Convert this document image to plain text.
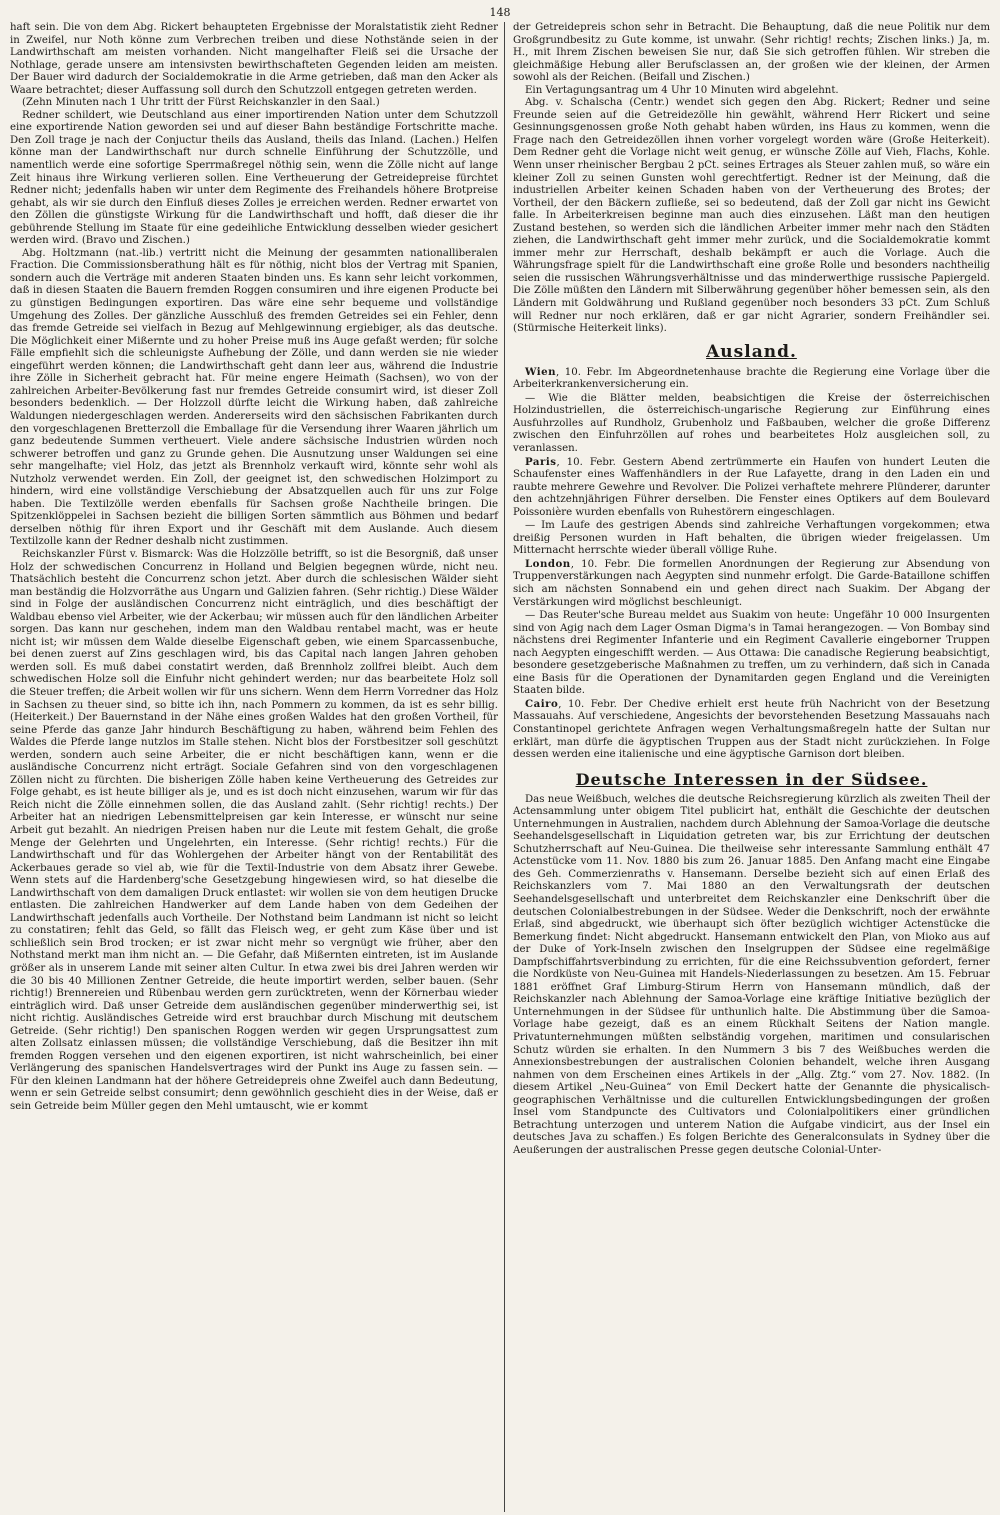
148

haft sein. Die von dem Abg. Rickert behaupteten Ergebnisse der Moralstatistik zieht Redner in Zweifel, nur Noth könne zum Verbrechen treiben und diese Nothstände seien in der Landwirthschaft am meisten vorhanden. Nicht mangelhafter Fleiß sei die Ursache der Nothlage, gerade unsere am intensivsten bewirthschafteten Gegenden leiden am meisten. Der Bauer wird dadurch der Socialdemokratie in die Arme getrieben, daß man den Acker als Waare betrachtet; dieser Auffassung soll durch den Schutzzoll entgegen getreten werden.

(Zehn Minuten nach 1 Uhr tritt der Fürst Reichskanzler in den Saal.)

Redner schildert, wie Deutschland aus einer importirenden Nation unter dem Schutzzoll eine exportirende Nation geworden sei und auf dieser Bahn beständige Fortschritte mache. Den Zoll trage je nach der Conjuctur theils das Ausland, theils das Inland. (Lachen.) Helfen könne man der Landwirthschaft nur durch schnelle Einführung der Schutzzölle, und namentlich werde eine sofortige Sperrmaßregel nöthig sein, wenn die Zölle nicht auf lange Zeit hinaus ihre Wirkung verlieren sollen. Eine Vertheuerung der Getreidepreise fürchtet Redner nicht; jedenfalls haben wir unter dem Regimente des Freihandels höhere Brotpreise gehabt, als wir sie durch den Einfluß dieses Zolles je erreichen werden. Redner erwartet von den Zöllen die günstigste Wirkung für die Landwirthschaft und hofft, daß dieser die ihr gebührende Stellung im Staate für eine gedeihliche Entwicklung desselben wieder gesichert werden wird. (Bravo und Zischen.)

Abg. Holtzmann (nat.-lib.) vertritt nicht die Meinung der gesammten nationalliberalen Fraction. Die Commissionsberathung hält es für nöthig, nicht blos der Vertrag mit Spanien, sondern auch die Verträge mit anderen Staaten binden uns. Es kann sehr leicht vorkommen, daß in diesen Staaten die Bauern fremden Roggen consumiren und ihre eigenen Producte bei zu günstigen Bedingungen exportiren. Das wäre eine sehr bequeme und vollständige Umgehung des Zolles. Der gänzliche Ausschluß des fremden Getreides sei ein Fehler, denn das fremde Getreide sei vielfach in Bezug auf Mehlgewinnung ergiebiger, als das deutsche. Die Möglichkeit einer Mißernte und zu hoher Preise muß ins Auge gefaßt werden; für solche Fälle empfiehlt sich die schleunigste Aufhebung der Zölle, und dann werden sie nie wieder eingeführt werden können; die Landwirthschaft geht dann leer aus, während die Industrie ihre Zölle in Sicherheit gebracht hat. Für meine engere Heimath (Sachsen), wo von der zahlreichen Arbeiter-Bevölkerung fast nur fremdes Getreide consumirt wird, ist dieser Zoll besonders bedenklich. — Der Holzzoll dürfte leicht die Wirkung haben, daß zahlreiche Waldungen niedergeschlagen werden. Andererseits wird den sächsischen Fabrikanten durch den vorgeschlagenen Bretterzoll die Emballage für die Versendung ihrer Waaren jährlich um ganz bedeutende Summen vertheuert. Viele andere sächsische Industrien würden noch schwerer betroffen und ganz zu Grunde gehen. Die Ausnutzung unser Waldungen sei eine sehr mangelhafte; viel Holz, das jetzt als Brennholz verkauft wird, könnte sehr wohl als Nutzholz verwendet werden. Ein Zoll, der geeignet ist, den schwedischen Holzimport zu hindern, wird eine vollständige Verschiebung der Absatzquellen auch für uns zur Folge haben. Die Textilzölle werden ebenfalls für Sachsen große Nachtheile bringen. Die Spitzenklöppelei in Sachsen bezieht die billigen Sorten sämmtlich aus Böhmen und bedarf derselben nöthig für ihren Export und ihr Geschäft mit dem Auslande. Auch diesem Textilzolle kann der Redner deshalb nicht zustimmen.

Reichskanzler Fürst v. Bismarck: Was die Holzzölle betrifft, so ist die Besorgniß, daß unser Holz der schwedischen Concurrenz in Holland und Belgien begegnen würde, nicht neu. Thatsächlich besteht die Concurrenz schon jetzt. Aber durch die schlesischen Wälder sieht man beständig die Holzvorräthe aus Ungarn und Galizien fahren. (Sehr richtig.) Diese Wälder sind in Folge der ausländischen Concurrenz nicht einträglich, und dies beschäftigt der Waldbau ebenso viel Arbeiter, wie der Ackerbau; wir müssen auch für den ländlichen Arbeiter sorgen. Das kann nur geschehen, indem man den Waldbau rentabel macht, was er heute nicht ist; wir müssen dem Walde dieselbe Eigenschaft geben, wie einem Sparcassenbuche, bei denen zuerst auf Zins geschlagen wird, bis das Capital nach langen Jahren gehoben werden soll. Es muß dabei constatirt werden, daß Brennholz zollfrei bleibt. Auch dem schwedischen Holze soll die Einfuhr nicht gehindert werden; nur das bearbeitete Holz soll die Steuer treffen; die Arbeit wollen wir für uns sichern. Wenn dem Herrn Vorredner das Holz in Sachsen zu theuer sind, so bitte ich ihn, nach Pommern zu kommen, da ist es sehr billig. (Heiterkeit.) Der Bauernstand in der Nähe eines großen Waldes hat den großen Vortheil, für seine Pferde das ganze Jahr hindurch Beschäftigung zu haben, während beim Fehlen des Waldes die Pferde lange nutzlos im Stalle stehen. Nicht blos der Forstbesitzer soll geschützt werden, sondern auch seine Arbeiter, die er nicht beschäftigen kann, wenn er die ausländische Concurrenz nicht erträgt. Sociale Gefahren sind von den vorgeschlagenen Zöllen nicht zu fürchten. Die bisherigen Zölle haben keine Vertheuerung des Getreides zur Folge gehabt, es ist heute billiger als je, und es ist doch nicht einzusehen, warum wir für das Reich nicht die Zölle einnehmen sollen, die das Ausland zahlt. (Sehr richtig! rechts.) Der Arbeiter hat an niedrigen Lebensmittelpreisen gar kein Interesse, er wünscht nur seine Arbeit gut bezahlt. An niedrigen Preisen haben nur die Leute mit festem Gehalt, die große Menge der Gelehrten und Ungelehrten, ein Interesse. (Sehr richtig! rechts.) Für die Landwirthschaft und für das Wohlergehen der Arbeiter hängt von der Rentabilität des Ackerbaues gerade so viel ab, wie für die Textil-Industrie von dem Absatz ihrer Gewebe. Wenn stets auf die Hardenberg'sche Gesetzgebung hingewiesen wird, so hat dieselbe die Landwirthschaft von dem damaligen Druck entlastet: wir wollen sie von dem heutigen Drucke entlasten. Die zahlreichen Handwerker auf dem Lande haben von dem Gedeihen der Landwirthschaft jedenfalls auch Vortheile. Der Nothstand beim Landmann ist nicht so leicht zu constatiren; fehlt das Geld, so fällt das Fleisch weg, er geht zum Käse über und ist schließlich sein Brod trocken; er ist zwar nicht mehr so vergnügt wie früher, aber den Nothstand merkt man ihm nicht an. — Die Gefahr, daß Mißernten eintreten, ist im Auslande größer als in unserem Lande mit seiner alten Cultur. In etwa zwei bis drei Jahren werden wir die 30 bis 40 Millionen Zentner Getreide, die heute importirt werden, selber bauen. (Sehr richtig!) Brennereien und Rübenbau werden gern zurücktreten, wenn der Körnerbau wieder einträglich wird. Daß unser Getreide dem ausländischen gegenüber minderwerthig sei, ist nicht richtig. Ausländisches Getreide wird erst brauchbar durch Mischung mit deutschem Getreide. (Sehr richtig!) Den spanischen Roggen werden wir gegen Ursprungsattest zum alten Zollsatz einlassen müssen; die vollständige Verschiebung, daß die Besitzer ihn mit fremden Roggen versehen und den eigenen exportiren, ist nicht wahrscheinlich, bei einer Verlängerung des spanischen Handelsvertrages wird der Punkt ins Auge zu fassen sein. — Für den kleinen Landmann hat der höhere Getreidepreis ohne Zweifel auch dann Bedeutung, wenn er sein Getreide selbst consumirt; denn gewöhnlich geschieht dies in der Weise, daß er sein Getreide beim Müller gegen den Mehl umtauscht, wie er kommt

der Getreidepreis schon sehr in Betracht. Die Behauptung, daß die neue Politik nur dem Großgrundbesitz zu Gute komme, ist unwahr. (Sehr richtig! rechts; Zischen links.) Ja, m. H., mit Ihrem Zischen beweisen Sie nur, daß Sie sich getroffen fühlen. Wir streben die gleichmäßige Hebung aller Berufsclassen an, der großen wie der kleinen, der Armen sowohl als der Reichen. (Beifall und Zischen.)

Ein Vertagungsantrag um 4 Uhr 10 Minuten wird abgelehnt.

Abg. v. Schalscha (Centr.) wendet sich gegen den Abg. Rickert; Redner und seine Freunde seien auf die Getreidezölle hin gewählt, während Herr Rickert und seine Gesinnungsgenossen große Noth gehabt haben würden, ins Haus zu kommen, wenn die Frage nach den Getreidezöllen ihnen vorher vorgelegt worden wäre (Große Heiterkeit). Dem Redner geht die Vorlage nicht weit genug, er wünsche Zölle auf Vieh, Flachs, Kohle. Wenn unser rheinischer Bergbau 2 pCt. seines Ertrages als Steuer zahlen muß, so wäre ein kleiner Zoll zu seinen Gunsten wohl gerechtfertigt. Redner ist der Meinung, daß die industriellen Arbeiter keinen Schaden haben von der Vertheuerung des Brotes; der Vortheil, der den Bäckern zufließe, sei so bedeutend, daß der Zoll gar nicht ins Gewicht falle. In Arbeiterkreisen beginne man auch dies einzusehen. Läßt man den heutigen Zustand bestehen, so werden sich die ländlichen Arbeiter immer mehr nach den Städten ziehen, die Landwirthschaft geht immer mehr zurück, und die Socialdemokratie kommt immer mehr zur Herrschaft, deshalb bekämpft er auch die Vorlage. Auch die Währungsfrage spielt für die Landwirthschaft eine große Rolle und besonders nachtheilig seien die russischen Währungsverhältnisse und das minderwerthige russische Papiergeld. Die Zölle müßten den Ländern mit Silberwährung gegenüber höher bemessen sein, als den Ländern mit Goldwährung und Rußland gegenüber noch besonders 33 pCt. Zum Schluß will Redner nur noch erklären, daß er gar nicht Agrarier, sondern Freihändler sei. (Stürmische Heiterkeit links).

Ausland.

Wien, 10. Febr. Im Abgeordnetenhause brachte die Regierung eine Vorlage über die Arbeiterkrankenversicherung ein.

— Wie die Blätter melden, beabsichtigen die Kreise der österreichischen Holzindustriellen, die österreichisch-ungarische Regierung zur Einführung eines Ausfuhrzolles auf Rundholz, Grubenholz und Faßbauben, welcher die große Differenz zwischen den Einfuhrzöllen auf rohes und bearbeitetes Holz ausgleichen soll, zu veranlassen.

Paris, 10. Febr. Gestern Abend zertrümmerte ein Haufen von hundert Leuten die Schaufenster eines Waffenhändlers in der Rue Lafayette, drang in den Laden ein und raubte mehrere Gewehre und Revolver. Die Polizei verhaftete mehrere Plünderer, darunter den achtzehnjährigen Führer derselben. Die Fenster eines Optikers auf dem Boulevard Poissonière wurden ebenfalls von Ruhestörern eingeschlagen.

— Im Laufe des gestrigen Abends sind zahlreiche Verhaftungen vorgekommen; etwa dreißig Personen wurden in Haft behalten, die übrigen wieder freigelassen. Um Mitternacht herrschte wieder überall völlige Ruhe.

London, 10. Febr. Die formellen Anordnungen der Regierung zur Absendung von Truppenverstärkungen nach Aegypten sind nunmehr erfolgt. Die Garde-Bataillone schiffen sich am nächsten Sonnabend ein und gehen direct nach Suakim. Der Abgang der Verstärkungen wird möglichst beschleunigt.

— Das Reuter'sche Bureau meldet aus Suakim von heute: Ungefähr 10 000 Insurgenten sind von Agig nach dem Lager Osman Digma's in Tamai herangezogen. — Von Bombay sind nächstens drei Regimenter Infanterie und ein Regiment Cavallerie eingeborner Truppen nach Aegypten eingeschifft werden. — Aus Ottawa: Die canadische Regierung beabsichtigt, besondere gesetzgeberische Maßnahmen zu treffen, um zu verhindern, daß sich in Canada eine Basis für die Operationen der Dynamitarden gegen England und die Vereinigten Staaten bilde.

Cairo, 10. Febr. Der Chedive erhielt erst heute früh Nachricht von der Besetzung Massauahs. Auf verschiedene, Angesichts der bevorstehenden Besetzung Massauahs nach Constantinopel gerichtete Anfragen wegen Verhaltungsmaßregeln hatte der Sultan nur erklärt, man dürfe die ägyptischen Truppen aus der Stadt nicht zurückziehen. In Folge dessen werden eine italienische und eine ägyptische Garnison dort bleiben.

Deutsche Interessen in der Südsee.

Das neue Weißbuch, welches die deutsche Reichsregierung kürzlich als zweiten Theil der Actensammlung unter obigem Titel publicirt hat, enthält die Geschichte der deutschen Unternehmungen in Australien, nachdem durch Ablehnung der Samoa-Vorlage die deutsche Seehandelsgesellschaft in Liquidation getreten war, bis zur Errichtung der deutschen Schutzherrschaft auf Neu-Guinea. Die theilweise sehr interessante Sammlung enthält 47 Actenstücke vom 11. Nov. 1880 bis zum 26. Januar 1885. Den Anfang macht eine Eingabe des Geh. Commerzienraths v. Hansemann. Derselbe bezieht sich auf einen Erlaß des Reichskanzlers vom 7. Mai 1880 an den Verwaltungsrath der deutschen Seehandelsgesellschaft und unterbreitet dem Reichskanzler eine Denkschrift über die deutschen Colonialbestrebungen in der Südsee. Weder die Denkschrift, noch der erwähnte Erlaß, sind abgedruckt, wie überhaupt sich öfter bezüglich wichtiger Actenstücke die Bemerkung findet: Nicht abgedruckt. Hansemann entwickelt den Plan, von Mioko aus auf der Duke of York-Inseln zwischen den Inselgruppen der Südsee eine regelmäßige Dampfschiffahrtsverbindung zu errichten, für die eine Reichssubvention gefordert, ferner die Nordküste von Neu-Guinea mit Handels-Niederlassungen zu besetzen. Am 15. Februar 1881 eröffnet Graf Limburg-Stirum Herrn von Hansemann mündlich, daß der Reichskanzler nach Ablehnung der Samoa-Vorlage eine kräftige Initiative bezüglich der Unternehmungen in der Südsee für unthunlich halte. Die Abstimmung über die Samoa-Vorlage habe gezeigt, daß es an einem Rückhalt Seitens der Nation mangle. Privatunternehmungen müßten selbständig vorgehen, maritimen und consularischen Schutz würden sie erhalten. In den Nummern 3 bis 7 des Weißbuches werden die Annexionsbestrebungen der australischen Colonien behandelt, welche ihren Ausgang nahmen von dem Erscheinen eines Artikels in der „Allg. Ztg.“ vom 27. Nov. 1882. (In diesem Artikel „Neu-Guinea“ von Emil Deckert hatte der Genannte die physicalisch-geographischen Verhältnisse und die culturellen Entwicklungsbedingungen der großen Insel vom Standpuncte des Cultivators und Colonialpolitikers einer gründlichen Betrachtung unterzogen und unterem Nation die Aufgabe vindicirt, aus der Insel ein deutsches Java zu schaffen.) Es folgen Berichte des Generalconsulats in Sydney über die Aeußerungen der australischen Presse gegen deutsche Colonial-Unter-
